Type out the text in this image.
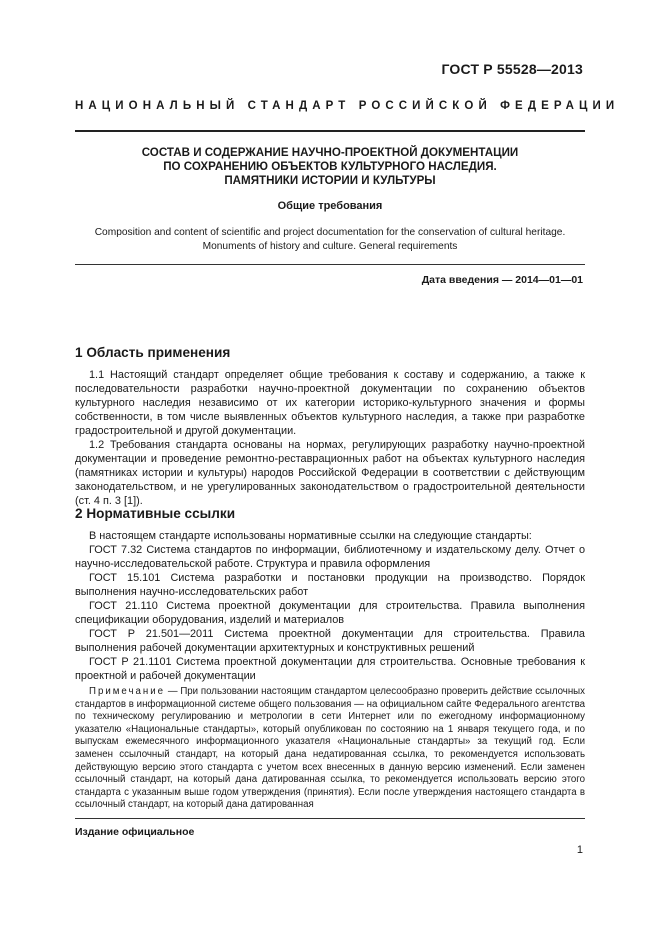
ГОСТ Р 55528—2013
НАЦИОНАЛЬНЫЙ СТАНДАРТ РОССИЙСКОЙ ФЕДЕРАЦИИ
СОСТАВ И СОДЕРЖАНИЕ НАУЧНО-ПРОЕКТНОЙ ДОКУМЕНТАЦИИ
ПО СОХРАНЕНИЮ ОБЪЕКТОВ КУЛЬТУРНОГО НАСЛЕДИЯ.
ПАМЯТНИКИ ИСТОРИИ И КУЛЬТУРЫ
Общие требования
Composition and content of scientific and project documentation for the conservation of cultural heritage.
Monuments of history and culture. General requirements
Дата введения — 2014—01—01
1 Область применения

1.1 Настоящий стандарт определяет общие требования к составу и содержанию, а также к последовательности разработки научно-проектной документации по сохранению объектов культурного наследия независимо от их категории историко-культурного значения и формы собственности, в том числе выявленных объектов культурного наследия, а также при разработке градостроительной и другой документации.

1.2 Требования стандарта основаны на нормах, регулирующих разработку научно-проектной документации и проведение ремонтно-реставрационных работ на объектах культурного наследия (памятниках истории и культуры) народов Российской Федерации в соответствии с действующим законодательством, и не урегулированных законодательством о градостроительной деятельности (ст. 4 п. 3 [1]).

2 Нормативные ссылки

В настоящем стандарте использованы нормативные ссылки на следующие стандарты:

ГОСТ 7.32 Система стандартов по информации, библиотечному и издательскому делу. Отчет о научно-исследовательской работе. Структура и правила оформления

ГОСТ 15.101 Система разработки и постановки продукции на производство. Порядок выполнения научно-исследовательских работ

ГОСТ 21.110 Система проектной документации для строительства. Правила выполнения спецификации оборудования, изделий и материалов

ГОСТ Р 21.501—2011 Система проектной документации для строительства. Правила выполнения рабочей документации архитектурных и конструктивных решений

ГОСТ Р 21.1101 Система проектной документации для строительства. Основные требования к проектной и рабочей документации

Примечание — При пользовании настоящим стандартом целесообразно проверить действие ссылочных стандартов в информационной системе общего пользования — на официальном сайте Федерального агентства по техническому регулированию и метрологии в сети Интернет или по ежегодному информационному указателю «Национальные стандарты», который опубликован по состоянию на 1 января текущего года, и по выпускам ежемесячного информационного указателя «Национальные стандарты» за текущий год. Если заменен ссылочный стандарт, на который дана недатированная ссылка, то рекомендуется использовать действующую версию этого стандарта с учетом всех внесенных в данную версию изменений. Если заменен ссылочный стандарт, на который дана датированная ссылка, то рекомендуется использовать версию этого стандарта с указанным выше годом утверждения (принятия). Если после утверждения настоящего стандарта в ссылочный стандарт, на который дана датированная

Издание официальное
1
